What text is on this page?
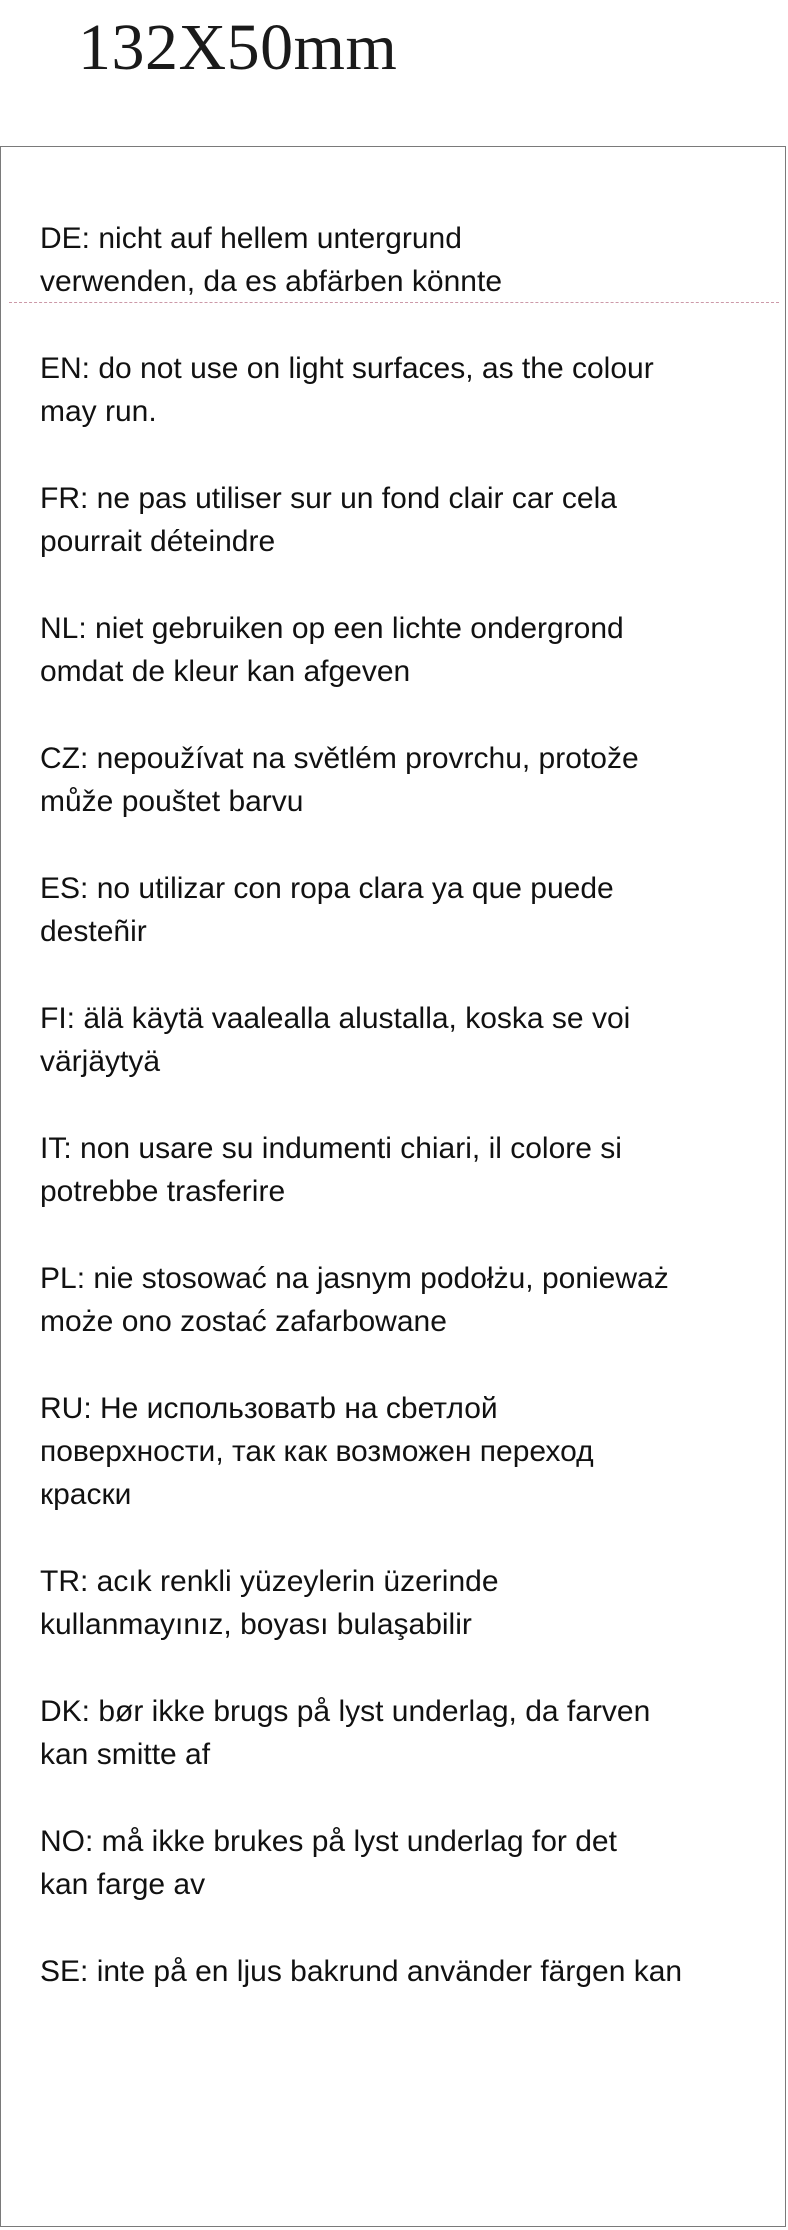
132X50mm
DE: nicht auf hellem untergrund
verwenden, da es abfärben könnte
EN: do not use on light surfaces, as the colour
may run.
FR: ne pas utiliser sur un fond clair car cela
pourrait déteindre
NL: niet gebruiken op een lichte ondergrond
omdat de kleur kan afgeven
CZ: nepoužívat na světlém provrchu, protože
může pouštet barvu
ES: no utilizar con ropa clara ya que puede
desteñir
FI: älä käytä vaalealla alustalla, koska se voi
värjäytyä
IT: non usare su indumenti chiari, il colore si
potrebbe trasferire
PL: nie stosować na jasnym podołżu, ponieważ
może ono zostać zafarbowane
RU: Не использоватb на сbетлой
поверхности, так как возможен переход
краски
TR: acık renkli yüzeylerin üzerinde
kullanmayınız, boyası bulaşabilir
DK: bør ikke brugs på lyst underlag, da farven
kan smitte af
NO: må ikke brukes på lyst underlag for det
kan farge av
SE: inte på en ljus bakrund använder färgen kan
